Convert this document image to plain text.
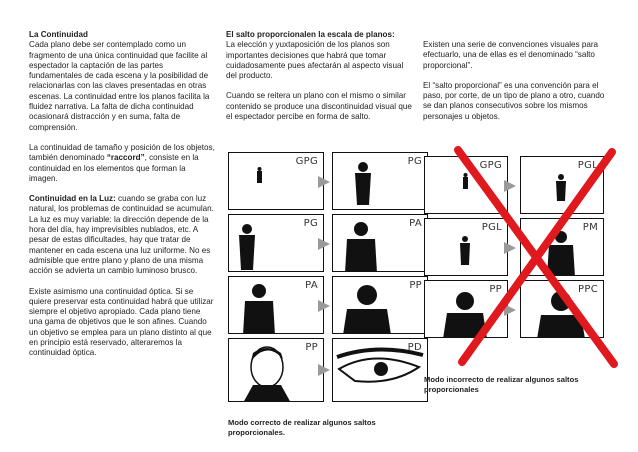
La Continuidad
Cada plano debe ser contemplado como un fragmento de una única continuidad que facilite al espectador la captación de las partes fundamentales de cada escena y la posibilidad de relacionarlas con las claves presentadas en otras escenas. La continuidad entre los planos facilita la fluidez narrativa. La falta de dicha continuidad ocasionará distracción y en suma, falta de comprensión.

La continuidad de tamaño y posición de los objetos, también denominado “raccord”, consiste en la continuidad en los elementos que forman la imagen.

Continuidad en la Luz: cuando se graba con luz natural, los problemas de continuidad se acumulan. La luz es muy variable: la dirección depende de la hora del día, hay imprevisibles nublados, etc. A pesar de estas dificultades, hay que tratar de mantener en cada escena una luz uniforme. No es admisible que entre plano y plano de una misma acción se advierta un cambio luminoso brusco.

Existe asimismo una continuidad óptica. Si se quiere preservar esta continuidad habrá que utilizar siempre el objetivo apropiado. Cada plano tiene una gama de objetivos que le son afines. Cuando un objetivo se emplea para un plano distinto al que en principio está reservado, alteraremos la continuidad óptica.

El salto proporcionalen la escala de planos:
La elección y yuxtaposición de los planos son importantes decisiones que habrá que tomar cuidadosamente pues afectarán al aspecto visual del producto.

Cuando se reitera un plano con el mismo o similar contenido se produce una discontinuidad visual que el espectador percibe en forma de salto.

Existen una serie de convenciones visuales para efectuarlo, una de ellas es el denominado “salto proporcional”.

El “salto proporcional” es una convención para el paso, por corte, de un tipo de plano a otro, cuando se dan planos consecutivos sobre los mismos personajes u objetos.

GPG	PG
PG	PA
PA	PP
PP	PD
Modo correcto de realizar algunos saltos proporcionales.
GPG	PGL
PGL	PM
PP	PPC
Modo incorrecto de realizar algunos saltos proporcionales
